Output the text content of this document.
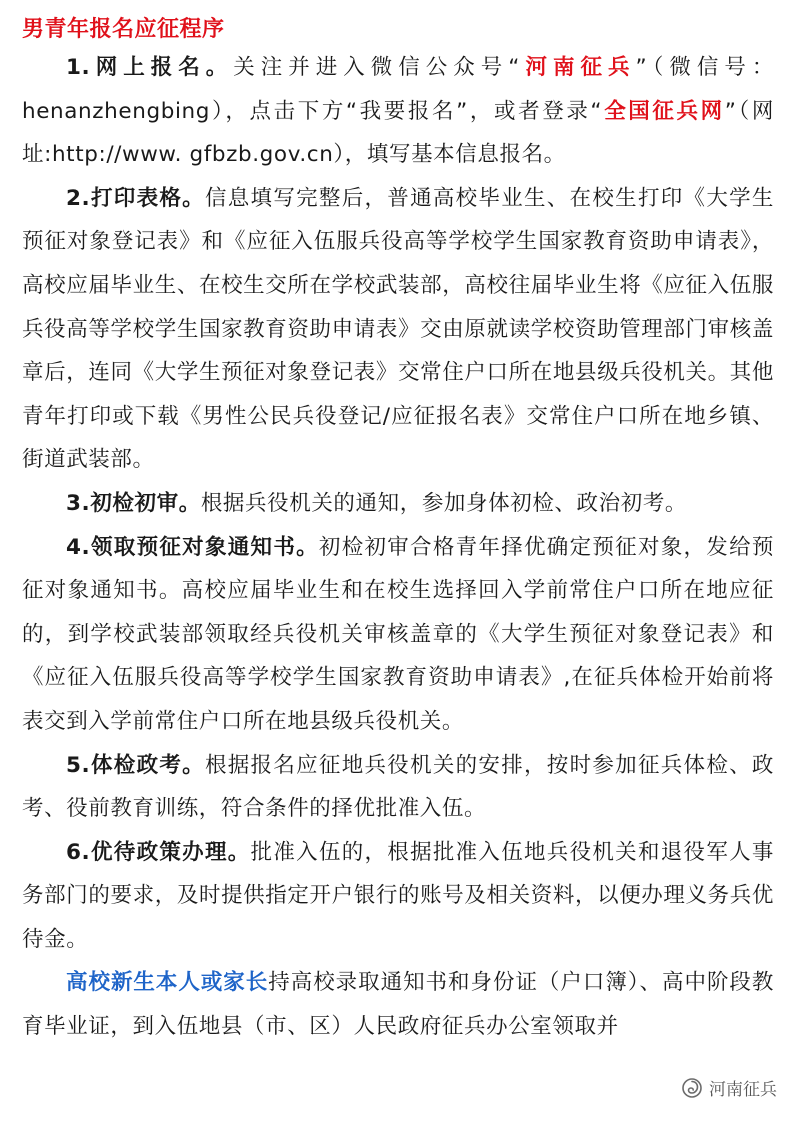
男青年报名应征程序

1.网上报名。关注并进入微信公众号“河南征兵”（微信号：henanzhengbing），点击下方“我要报名”，或者登录“全国征兵网”（网址:http://www. gfbzb.gov.cn），填写基本信息报名。

2.打印表格。信息填写完整后，普通高校毕业生、在校生打印《大学生预征对象登记表》和《应征入伍服兵役高等学校学生国家教育资助申请表》，高校应届毕业生、在校生交所在学校武装部，高校往届毕业生将《应征入伍服兵役高等学校学生国家教育资助申请表》交由原就读学校资助管理部门审核盖章后，连同《大学生预征对象登记表》交常住户口所在地县级兵役机关。其他青年打印或下载《男性公民兵役登记/应征报名表》交常住户口所在地乡镇、街道武装部。

3.初检初审。根据兵役机关的通知，参加身体初检、政治初考。

4.领取预征对象通知书。初检初审合格青年择优确定预征对象，发给预征对象通知书。高校应届毕业生和在校生选择回入学前常住户口所在地应征的，到学校武装部领取经兵役机关审核盖章的《大学生预征对象登记表》和《应征入伍服兵役高等学校学生国家教育资助申请表》,在征兵体检开始前将表交到入学前常住户口所在地县级兵役机关。

5.体检政考。根据报名应征地兵役机关的安排，按时参加征兵体检、政考、役前教育训练，符合条件的择优批准入伍。

6.优待政策办理。批准入伍的，根据批准入伍地兵役机关和退役军人事务部门的要求，及时提供指定开户银行的账号及相关资料，以便办理义务兵优待金。

高校新生本人或家长持高校录取通知书和身份证（户口簿）、高中阶段教育毕业证，到入伍地县（市、区）人民政府征兵办公室领取并

河南征兵
